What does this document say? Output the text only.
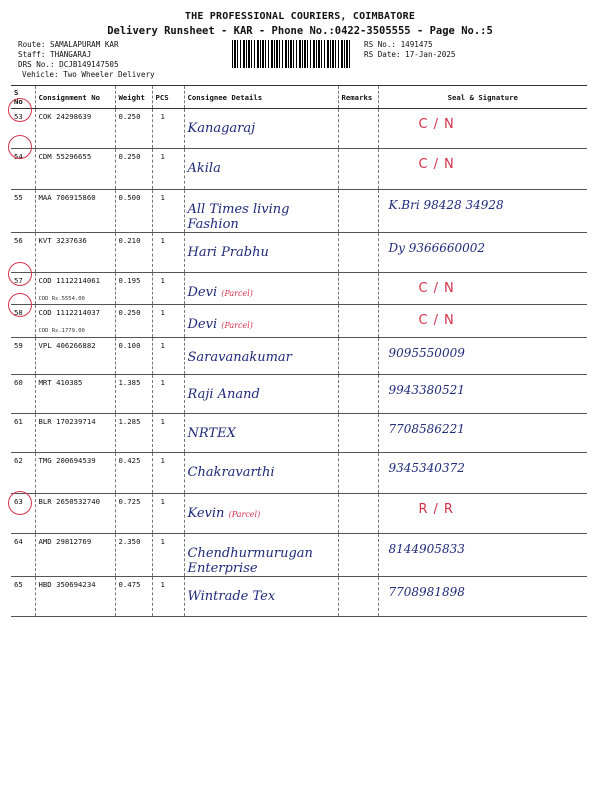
THE PROFESSIONAL COURIERS, COIMBATORE
Delivery Runsheet - KAR - Phone No.:0422-3505555 - Page No.:5
Route: SAMALAPURAM KAR
Staff: THANGARAJ
DRS No.: DCJB149147505
Vehicle: Two Wheeler Delivery
RS No.: 1491475
RS Date: 17-Jan-2025
S No	Consignment No	Weight	PCS	Consignee Details	Remarks	Seal & Signature
53	COK 24298639	0.250	1	Kanagaraj		C/N
54	CDM 55296655	0.250	1	Akila		C/N
55	MAA 706915860	0.500	1	All Times living Fashion		K.Bri 98428 34928
56	KVT 3237636	0.210	1	Hari Prabhu		Dy 9366660002
57	COD 1112214061
COD Rs.5554.00	0.195	1	Devi (Parcel)		C/N
58	COD 1112214037
COD Rs.1779.00	0.250	1	Devi (Parcel)		C/N
59	VPL 406266882	0.100	1	Saravanakumar		9095550009
60	MRT 410385	1.385	1	Raji Anand		9943380521
61	BLR 170239714	1.285	1	NRTEX		7708586221
62	TMG 200694539	0.425	1	Chakravarthi		9345340372
63	BLR 2650532740	0.725	1	Kevin (Parcel)		R/R
64	AMD 29812769	2.350	1	Chendhurmurugan Enterprise		8144905833
65	HBD 350694234	0.475	1	Wintrade Tex		7708981898
